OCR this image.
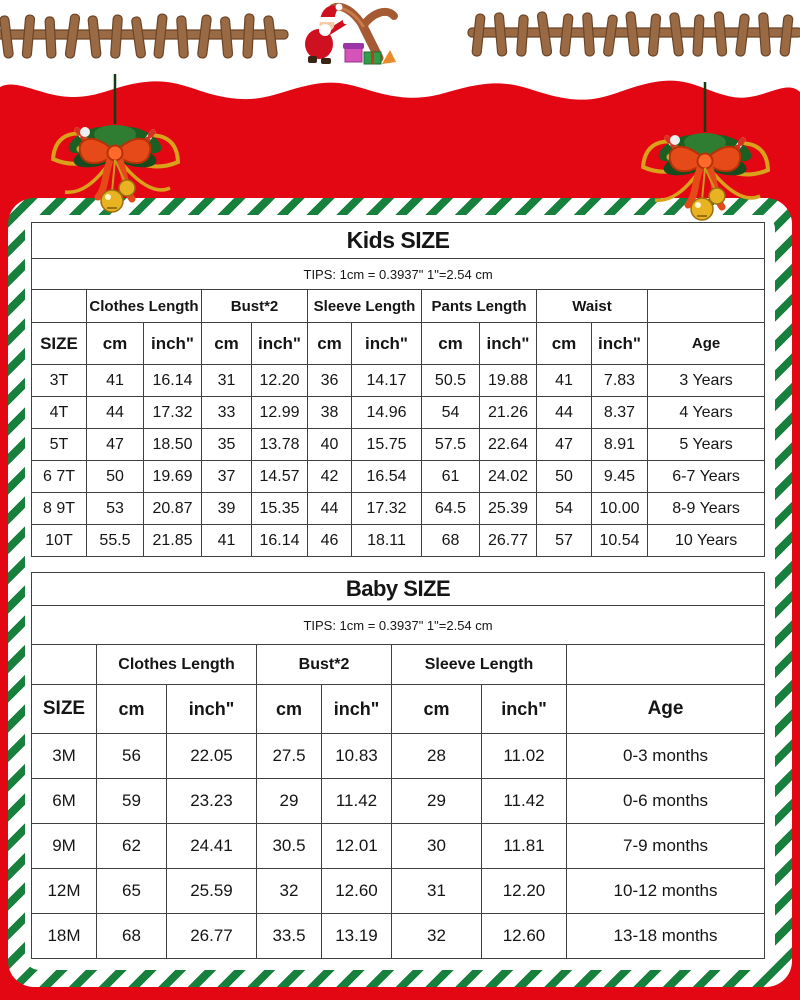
Kids SIZE											
TIPS: 1cm = 0.3937" 1"=2.54 cm											
	Clothes Length		Bust*2		Sleeve Length		Pants Length		Waist		
SIZE	cm	inch"	cm	inch"	cm	inch"	cm	inch"	cm	inch"	Age
3T	41	16.14	31	12.20	36	14.17	50.5	19.88	41	7.83	3 Years
4T	44	17.32	33	12.99	38	14.96	54	21.26	44	8.37	4 Years
5T	47	18.50	35	13.78	40	15.75	57.5	22.64	47	8.91	5 Years
6 7T	50	19.69	37	14.57	42	16.54	61	24.02	50	9.45	6-7 Years
8 9T	53	20.87	39	15.35	44	17.32	64.5	25.39	54	10.00	8-9 Years
10T	55.5	21.85	41	16.14	46	18.11	68	26.77	57	10.54	10 Years
Baby SIZE							
TIPS: 1cm = 0.3937" 1"=2.54 cm							
	Clothes Length		Bust*2		Sleeve Length		
SIZE	cm	inch"	cm	inch"	cm	inch"	Age
3M	56	22.05	27.5	10.83	28	11.02	0-3 months
6M	59	23.23	29	11.42	29	11.42	0-6 months
9M	62	24.41	30.5	12.01	30	11.81	7-9 months
12M	65	25.59	32	12.60	31	12.20	10-12 months
18M	68	26.77	33.5	13.19	32	12.60	13-18 months
